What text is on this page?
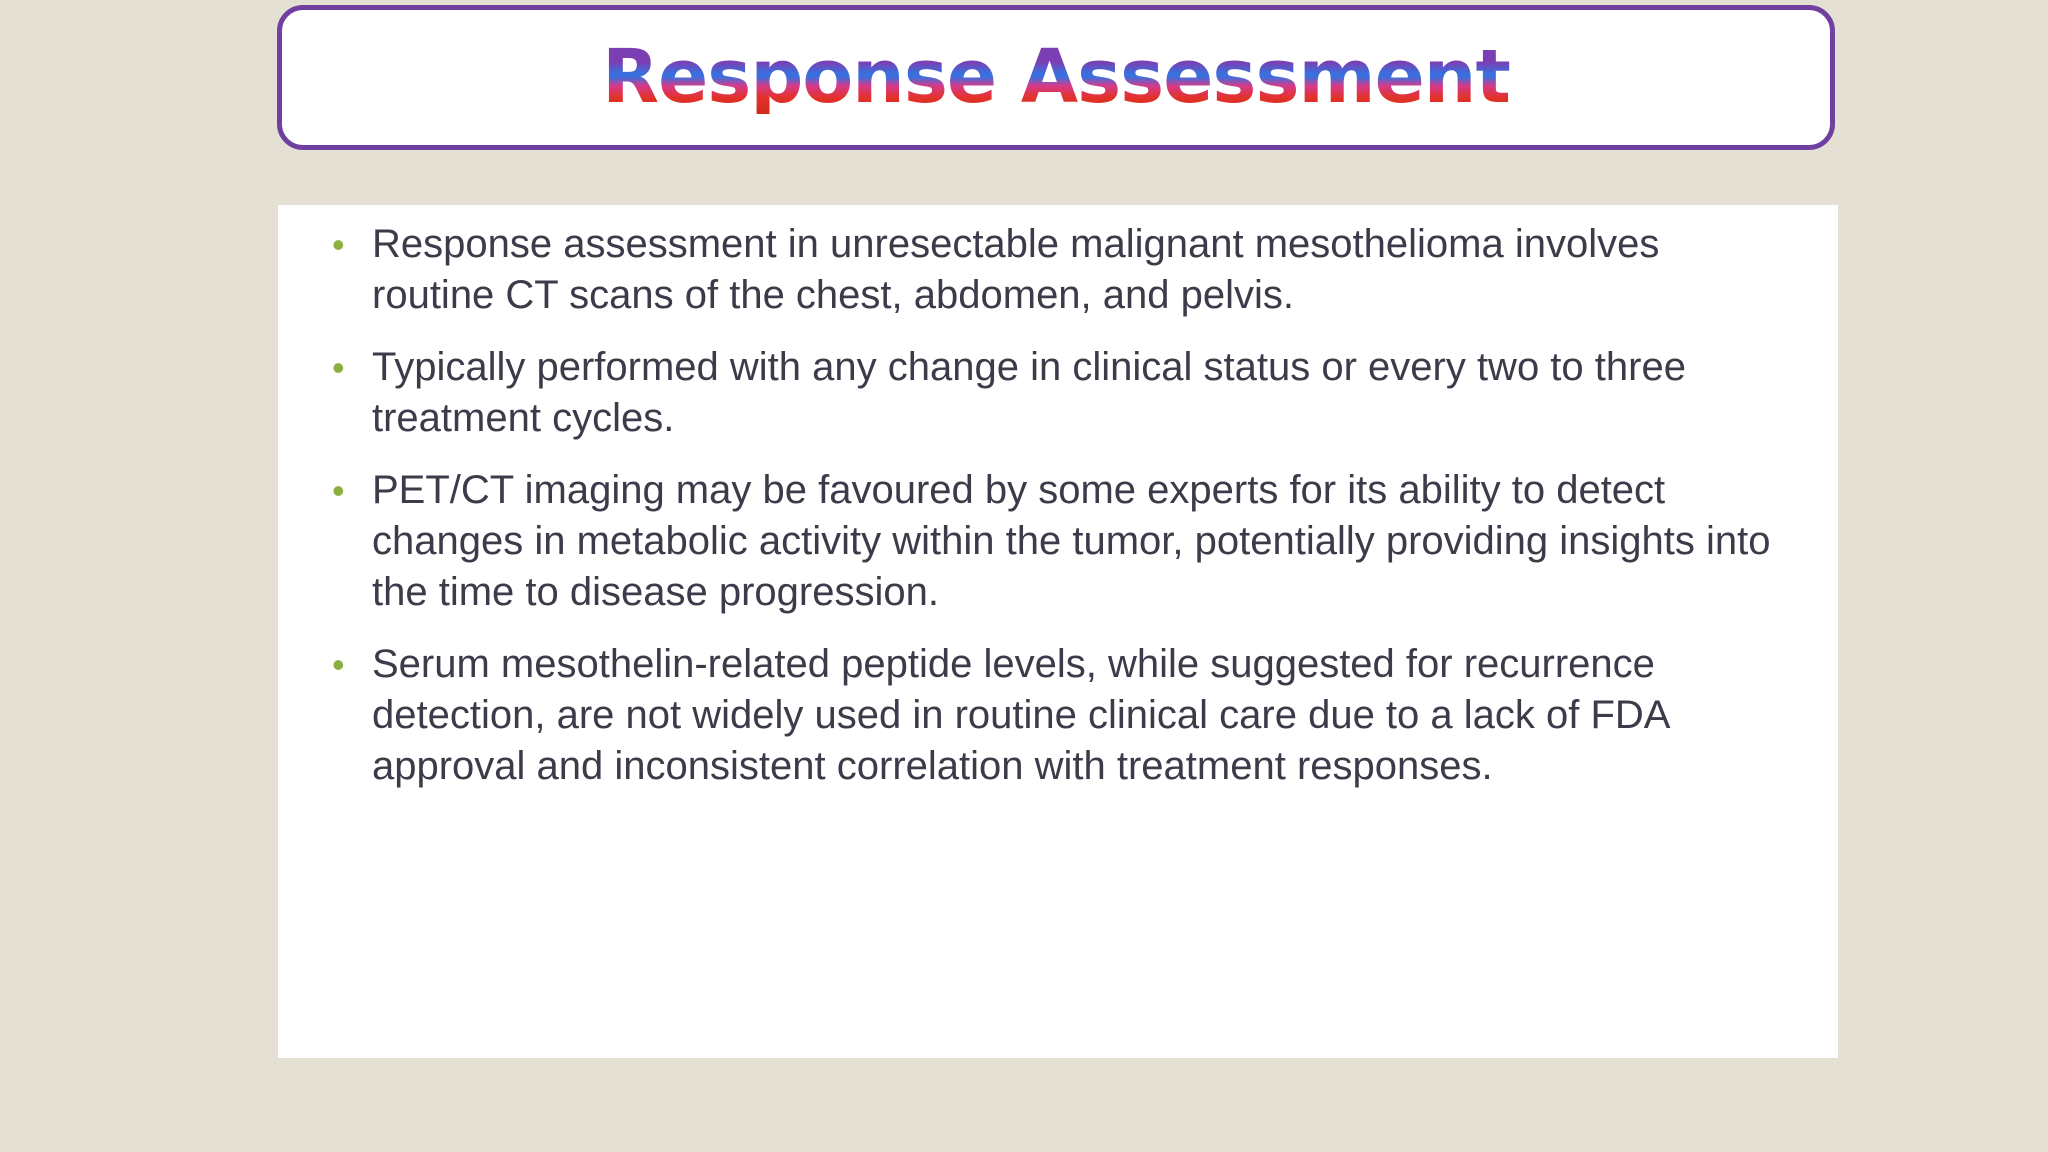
Response Assessment
• Response assessment in unresectable malignant mesothelioma involves routine CT scans of the chest, abdomen, and pelvis.
• Typically performed with any change in clinical status or every two to three treatment cycles.
• PET/CT imaging may be favoured by some experts for its ability to detect changes in metabolic activity within the tumor, potentially providing insights into the time to disease progression.
• Serum mesothelin-related peptide levels, while suggested for recurrence detection, are not widely used in routine clinical care due to a lack of FDA approval and inconsistent correlation with treatment responses.
